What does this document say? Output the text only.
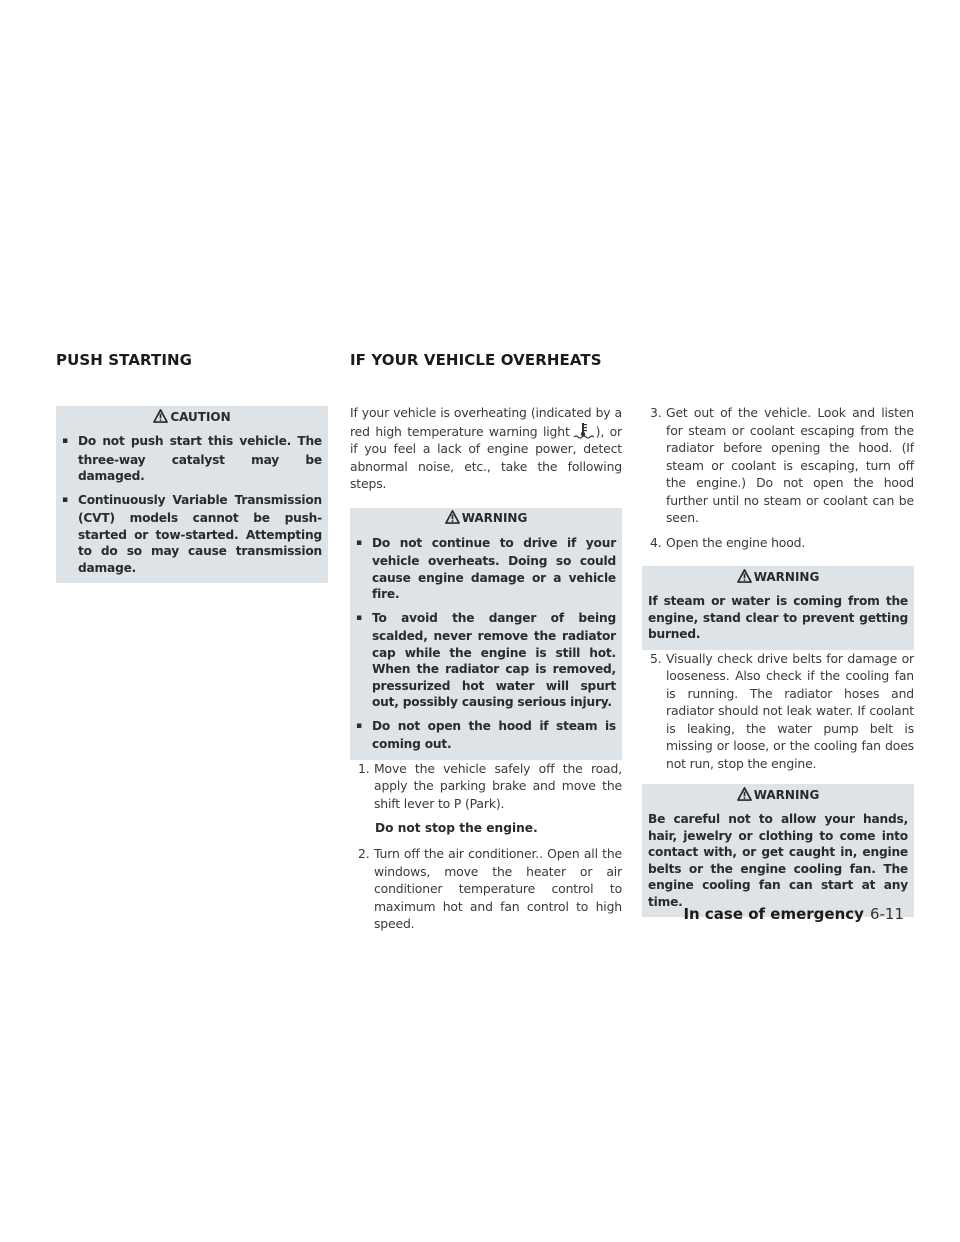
PUSH STARTING	IF YOUR VEHICLE OVERHEATS
CAUTION
▪ Do not push start this vehicle. The three-way catalyst may be damaged.
▪ Continuously Variable Transmission (CVT) models cannot be push-started or tow-started. Attempting to do so may cause transmission damage.

If your vehicle is overheating (indicated by a red high temperature warning light ), or if you feel a lack of engine power, detect abnormal noise, etc., take the following steps.

WARNING
▪ Do not continue to drive if your vehicle overheats. Doing so could cause engine damage or a vehicle fire.
▪ To avoid the danger of being scalded, never remove the radiator cap while the engine is still hot. When the radiator cap is removed, pressurized hot water will spurt out, possibly causing serious injury.
▪ Do not open the hood if steam is coming out.
1. Move the vehicle safely off the road, apply the parking brake and move the shift lever to P (Park).

Do not stop the engine.

2. Turn off the air conditioner.. Open all the windows, move the heater or air conditioner temperature control to maximum hot and fan control to high speed.
3. Get out of the vehicle. Look and listen for steam or coolant escaping from the radiator before opening the hood. (If steam or coolant is escaping, turn off the engine.) Do not open the hood further until no steam or coolant can be seen.
4. Open the engine hood.
WARNING

If steam or water is coming from the engine, stand clear to prevent getting burned.

5. Visually check drive belts for damage or looseness. Also check if the cooling fan is running. The radiator hoses and radiator should not leak water. If coolant is leaking, the water pump belt is missing or loose, or the cooling fan does not run, stop the engine.
WARNING

Be careful not to allow your hands, hair, jewelry or clothing to come into contact with, or get caught in, engine belts or the engine cooling fan. The engine cooling fan can start at any time.

In case of emergency 6-11
